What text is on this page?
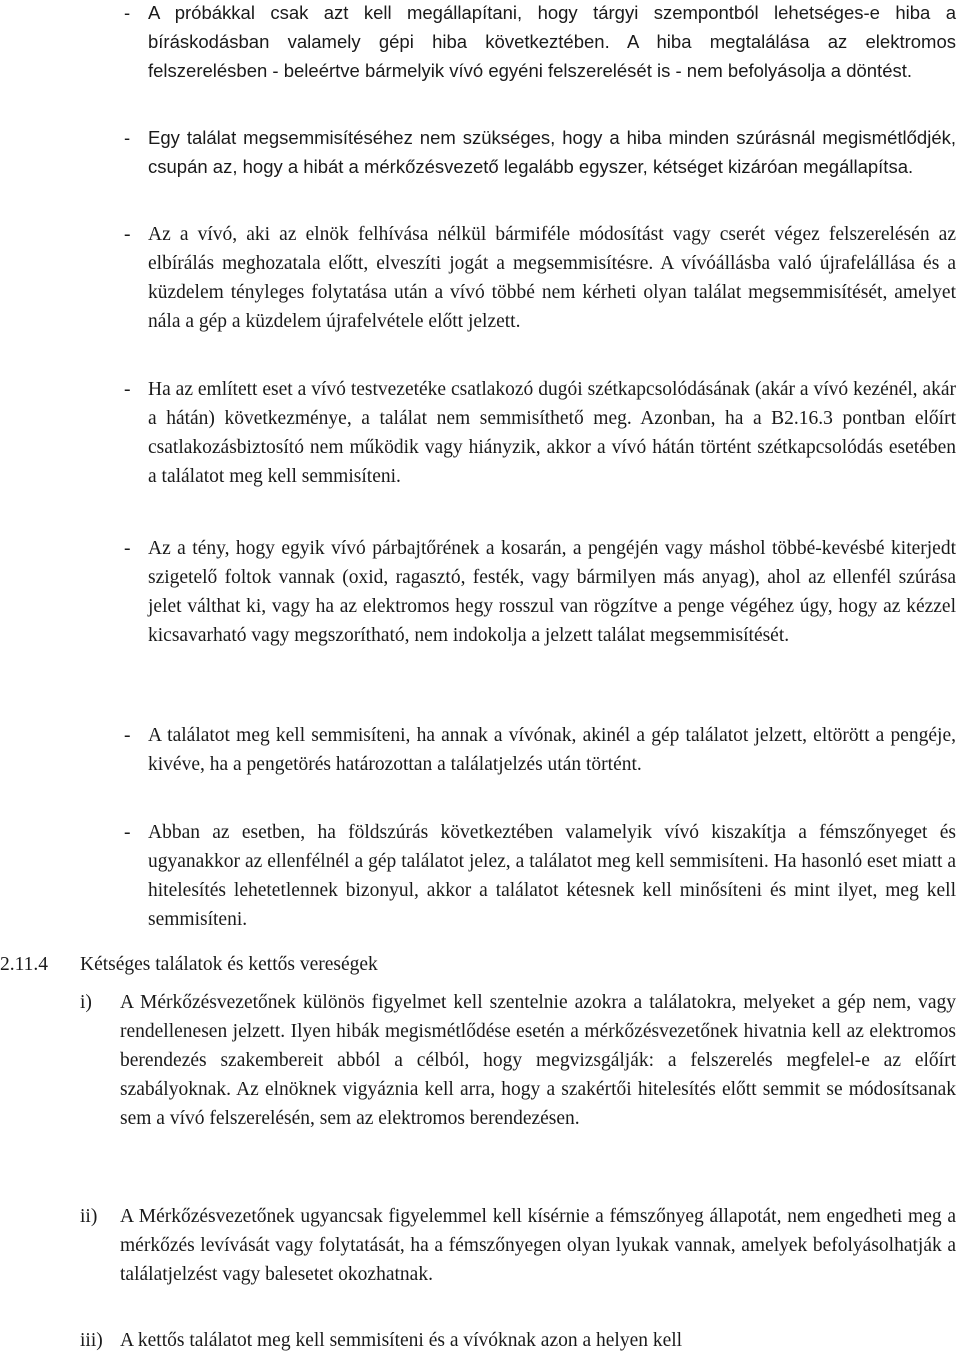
- A próbákkal csak azt kell megállapítani, hogy tárgyi szempontból lehetséges-e hiba a bíráskodásban valamely gépi hiba következtében. A hiba megtalálása az elektromos felszerelésben - beleértve bármelyik vívó egyéni felszerelését is - nem befolyásolja a döntést.
- Egy találat megsemmisítéséhez nem szükséges, hogy a hiba minden szúrásnál megismétlődjék, csupán az, hogy a hibát a mérkőzésvezető legalább egyszer, kétséget kizáróan megállapítsa.
- Az a vívó, aki az elnök felhívása nélkül bármiféle módosítást vagy cserét végez felszerelésén az elbírálás meghozatala előtt, elveszíti jogát a megsemmisítésre. A vívóállásba való újrafelállása és a küzdelem tényleges folytatása után a vívó többé nem kérheti olyan találat megsemmisítését, amelyet nála a gép a küzdelem újrafelvétele előtt jelzett.
- Ha az említett eset a vívó testvezetéke csatlakozó dugói szétkapcsolódásának (akár a vívó kezénél, akár a hátán) következménye, a találat nem semmisíthető meg. Azonban, ha a B2.16.3 pontban előírt csatlakozásbiztosító nem működik vagy hiányzik, akkor a vívó hátán történt szétkapcsolódás esetében a találatot meg kell semmisíteni.
- Az a tény, hogy egyik vívó párbajtőrének a kosarán, a pengéjén vagy máshol többé-kevésbé kiterjedt szigetelő foltok vannak (oxid, ragasztó, festék, vagy bármilyen más anyag), ahol az ellenfél szúrása jelet válthat ki, vagy ha az elektromos hegy rosszul van rögzítve a penge végéhez úgy, hogy az kézzel kicsavarható vagy megszorítható, nem indokolja a jelzett találat megsemmisítését.
- A találatot meg kell semmisíteni, ha annak a vívónak, akinél a gép találatot jelzett, eltörött a pengéje, kivéve, ha a pengetörés határozottan a találatjelzés után történt.
- Abban az esetben, ha földszúrás következtében valamelyik vívó kiszakítja a fémszőnyeget és ugyanakkor az ellenfélnél a gép találatot jelez, a találatot meg kell semmisíteni. Ha hasonló eset miatt a hitelesítés lehetetlennek bizonyul, akkor a találatot kétesnek kell minősíteni és mint ilyet, meg kell semmisíteni.
2.11.4 Kétséges találatok és kettős vereségek
i) A Mérkőzésvezetőnek különös figyelmet kell szentelnie azokra a találatokra, melyeket a gép nem, vagy rendellenesen jelzett. Ilyen hibák megismétlődése esetén a mérkőzésvezetőnek hivatnia kell az elektromos berendezés szakembereit abból a célból, hogy megvizsgálják: a felszerelés megfelel-e az előírt szabályoknak. Az elnöknek vigyáznia kell arra, hogy a szakértői hitelesítés előtt semmit se módosítsanak sem a vívó felszerelésén, sem az elektromos berendezésen.
ii) A Mérkőzésvezetőnek ugyancsak figyelemmel kell kísérnie a fémszőnyeg állapotát, nem engedheti meg a mérkőzés levívását vagy folytatását, ha a fémszőnyegen olyan lyukak vannak, amelyek befolyásolhatják a találatjelzést vagy balesetet okozhatnak.
iii) A kettős találatot meg kell semmisíteni és a vívóknak azon a helyen kell
